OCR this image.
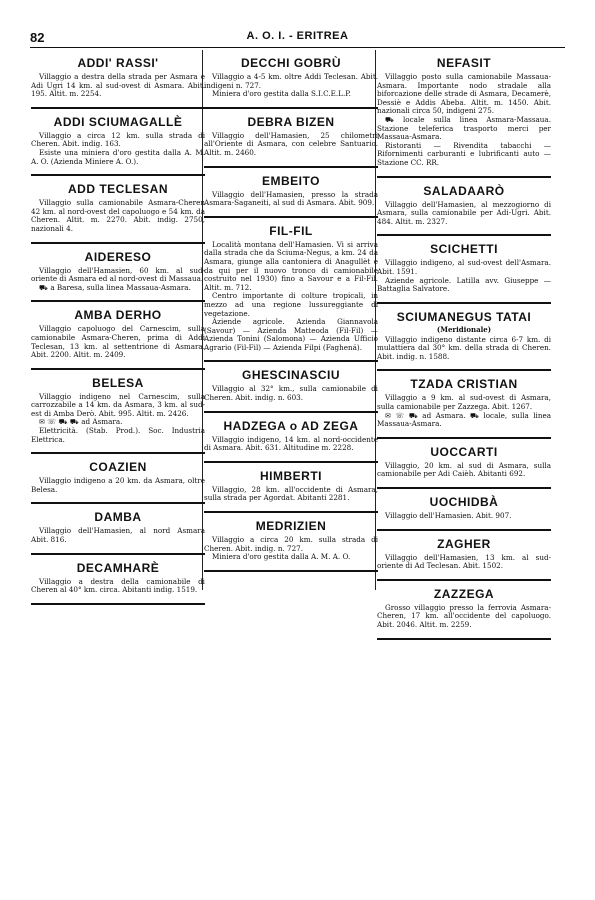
82	A. O. I. - ERITREA
ADDI' RASSI'

Villaggio a destra della strada per Asmara e Adi Ugri 14 km. al sud-ovest di Asmara. Abit. 195. Altit. m. 2254.

ADDI SCIUMAGALLÈ

Villaggio a circa 12 km. sulla strada di Cheren. Abit. indig. 163.

Esiste una miniera d'oro gestita dalla A. M. A. O. (Azienda Miniere A. O.).

ADD TECLESAN

Villaggio sulla camionabile Asmara-Cheren 42 km. al nord-ovest del capoluogo e 54 km. da Cheren. Altit. m. 2270. Abit. indig. 2750, nazionali 4.

AIDERESO

Villaggio dell'Hamasien, 60 km. al sud-oriente di Asmara ed al nord-ovest di Massaua.

⛟ a Baresa, sulla linea Massaua-Asmara.

AMBA DERHO

Villaggio capoluogo del Carnescim, sulla camionabile Asmara-Cheren, prima di Addi Teclesan, 13 km. al settentrione di Asmara. Abit. 2200. Altit. m. 2409.

BELESA

Villaggio indigeno nel Carnescim, sulla carrozzabile a 14 km. da Asmara, 3 km. al sud-est di Amba Derò. Abit. 995. Altit. m. 2426.

✉ ☏ ⛟ ⛟ ad Asmara.

Elettricità. (Stab. Prod.). Soc. Industria Elettrica.

COAZIEN

Villaggio indigeno a 20 km. da Asmara, oltre Belesa.

DAMBA

Villaggio dell'Hamasien, al nord Asmara Abit. 816.

DECAMHARÈ

Villaggio a destra della camionabile di Cheren al 40° km. circa. Abitanti indig. 1519.

DECCHI GOBRÙ

Villaggio a 4-5 km. oltre Addi Teclesan. Abit. indigeni n. 727.

Miniera d'oro gestita dalla S.I.C.E.L.P.

DEBRA BIZEN

Villaggio dell'Hamasien, 25 chilometri all'Oriente di Asmara, con celebre Santuario. Altit. m. 2460.

EMBEITO

Villaggio dell'Hamasien, presso la strada Asmara-Saganeiti, al sud di Asmara. Abit. 909.

FIL-FIL

Località montana dell'Hamasien. Vi si arriva dalla strada che da Sciuma-Negus, a km. 24 da Asmara, giunge alla cantoniera di Anagullèt e da qui per il nuovo tronco di camionabile costruito nel 1930) fino a Savour e a Fil-Fil. Altit. m. 712.

Centro importante di colture tropicali, in mezzo ad una regione lussureggiante di vegetazione.

Aziende agricole. Azienda Giannavola (Savour) — Azienda Matteoda (Fil-Fil) — Azienda Tonini (Salomona) — Azienda Ufficio Agrario (Fil-Fil) — Azienda Filpi (Faghená).

GHESCINASCIU

Villaggio al 32° km., sulla camionabile di Cheren. Abit. indig. n. 603.

HADZEGA o AD ZEGA

Villaggio indigeno, 14 km. al nord-occidente di Asmara. Abit. 631. Altitudine m. 2228.

HIMBERTI

Villaggio, 28 km. all'occidente di Asmara, sulla strada per Agordat. Abitanti 2281.

MEDRIZIEN

Villaggio a circa 20 km. sulla strada di Cheren. Abit. indig. n. 727.

Miniera d'oro gestita dalla A. M. A. O.

NEFASIT

Villaggio posto sulla camionabile Massaua-Asmara. Importante nodo stradale alla biforcazione delle strade di Asmara, Decamerè, Dessiè e Addis Abeba. Altit. m. 1450. Abit. nazionali circa 50, indigeni 275.

⛟ locale sulla linea Asmara-Massaua. Stazione teleferica trasporto merci per Massaua-Asmara.

Ristoranti — Rivendita tabacchi — Rifornimenti carburanti e lubrificanti auto — Stazione CC. RR.

SALADAARÒ

Villaggio dell'Hamasien, al mezzogiorno di Asmara, sulla camionabile per Adi-Ugri. Abit. 484. Altit. m. 2327.

SCICHETTI

Villaggio indigeno, al sud-ovest dell'Asmara. Abit. 1591.

Aziende agricole. Latilla avv. Giuseppe — Battaglia Salvatore.

SCIUMANEGUS TATAI
(Meridionale)

Villaggio indigeno distante circa 6-7 km. di mulattiera dal 30° km. della strada di Cheren. Abit. indig. n. 1588.

TZADA CRISTIAN

Villaggio a 9 km. al sud-ovest di Asmara, sulla camionabile per Zazzega. Abit. 1267.

✉ ☏ ⛟ ad Asmara. ⛟ locale, sulla linea Massaua-Asmara.

UOCCARTI

Villaggio, 20 km. al sud di Asmara, sulla camionabile per Adi Caièh. Abitanti 692.

UOCHIDBÀ

Villaggio dell'Hamasien. Abit. 907.

ZAGHER

Villaggio dell'Hamasien, 13 km. al sud-oriente di Ad Teclesan. Abit. 1502.

ZAZZEGA

Grosso villaggio presso la ferrovia Asmara-Cheren, 17 km. all'occidente del capoluogo. Abit. 2046. Altit. m. 2259.
